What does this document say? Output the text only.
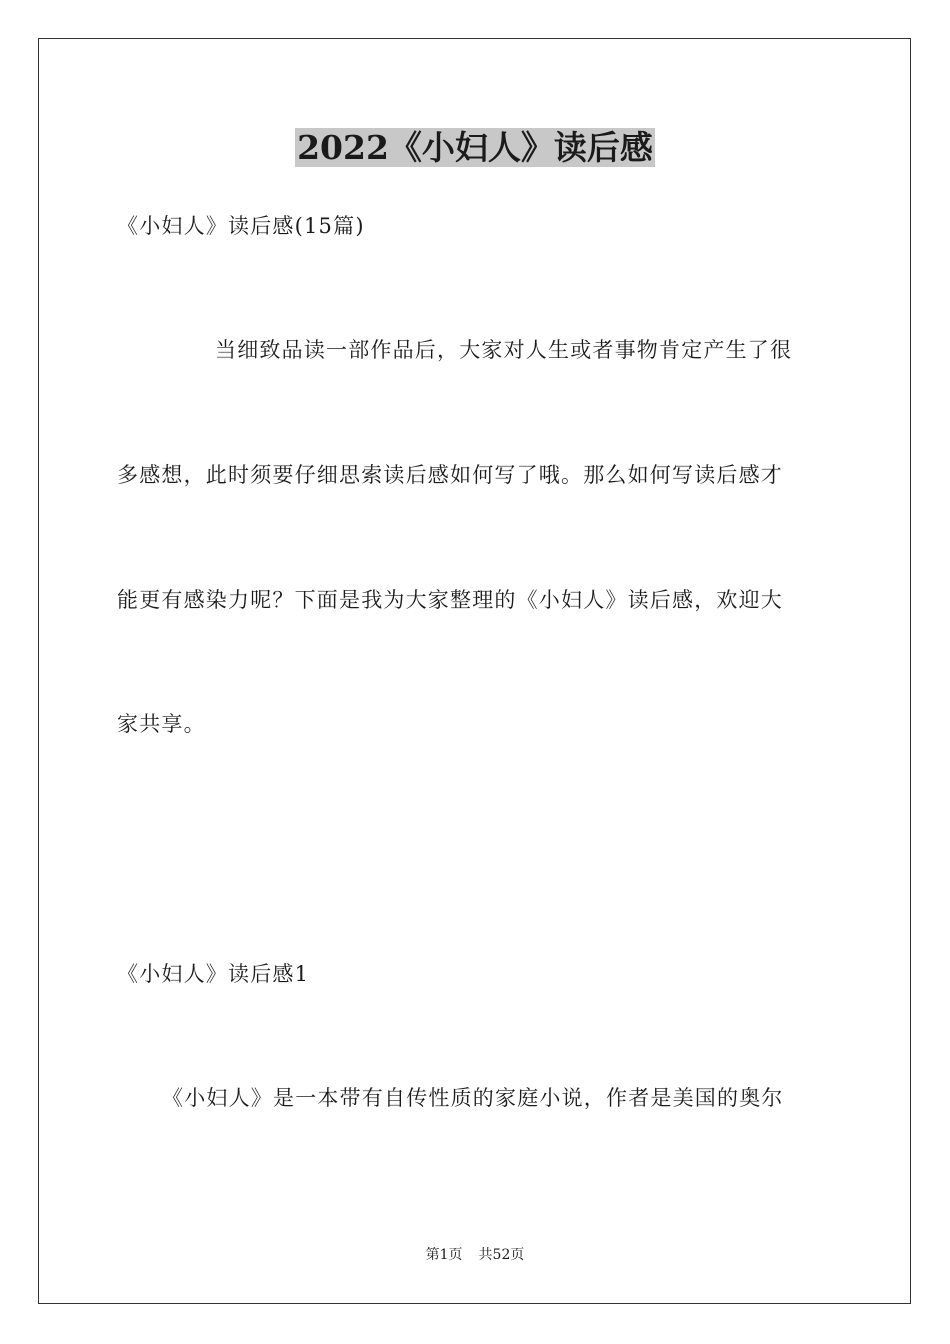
2022《小妇人》读后感
《小妇人》读后感(15篇)
当细致品读一部作品后，大家对人生或者事物肯定产生了很
多感想，此时须要仔细思索读后感如何写了哦。那么如何写读后感才
能更有感染力呢？下面是我为大家整理的《小妇人》读后感，欢迎大
家共享。
《小妇人》读后感1
《小妇人》是一本带有自传性质的家庭小说，作者是美国的奥尔
第1页 共52页
